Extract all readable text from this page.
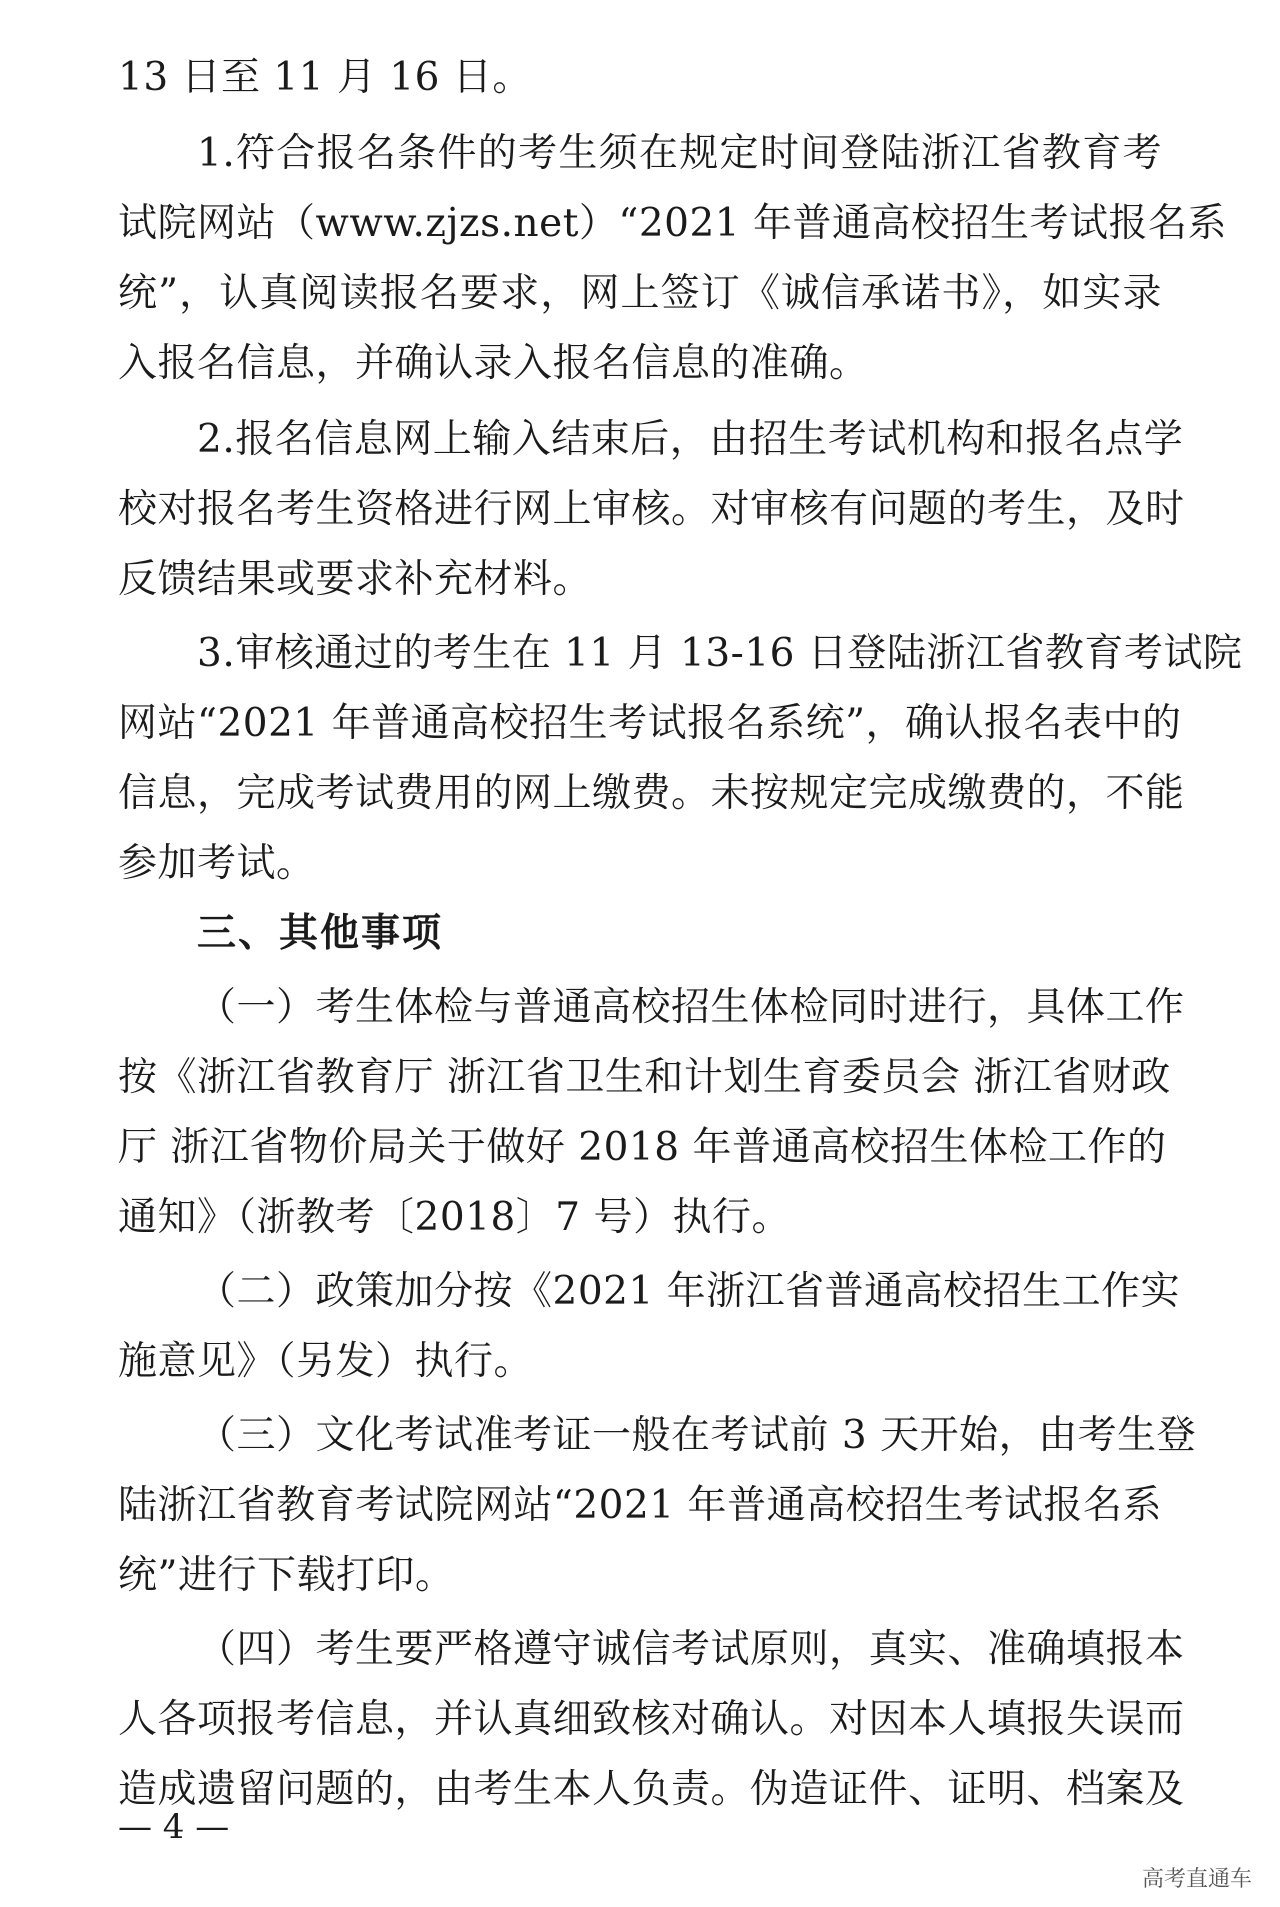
13 日至 11 月 16 日。
1.符合报名条件的考生须在规定时间登陆浙江省教育考
试院网站（www.zjzs.net）“2021 年普通高校招生考试报名系
统”，认真阅读报名要求，网上签订《诚信承诺书》，如实录
入报名信息，并确认录入报名信息的准确。
2.报名信息网上输入结束后，由招生考试机构和报名点学
校对报名考生资格进行网上审核。对审核有问题的考生，及时
反馈结果或要求补充材料。
3.审核通过的考生在 11 月 13-16 日登陆浙江省教育考试院
网站“2021 年普通高校招生考试报名系统”，确认报名表中的
信息，完成考试费用的网上缴费。未按规定完成缴费的，不能
参加考试。
三、其他事项
（一）考生体检与普通高校招生体检同时进行，具体工作
按《浙江省教育厅 浙江省卫生和计划生育委员会 浙江省财政
厅 浙江省物价局关于做好 2018 年普通高校招生体检工作的
通知》（浙教考〔2018〕7 号）执行。
（二）政策加分按《2021 年浙江省普通高校招生工作实
施意见》（另发）执行。
（三）文化考试准考证一般在考试前 3 天开始，由考生登
陆浙江省教育考试院网站“2021 年普通高校招生考试报名系
统”进行下载打印。
（四）考生要严格遵守诚信考试原则，真实、准确填报本
人各项报考信息，并认真细致核对确认。对因本人填报失误而
造成遗留问题的，由考生本人负责。伪造证件、证明、档案及
— 4 —
高考直通车
